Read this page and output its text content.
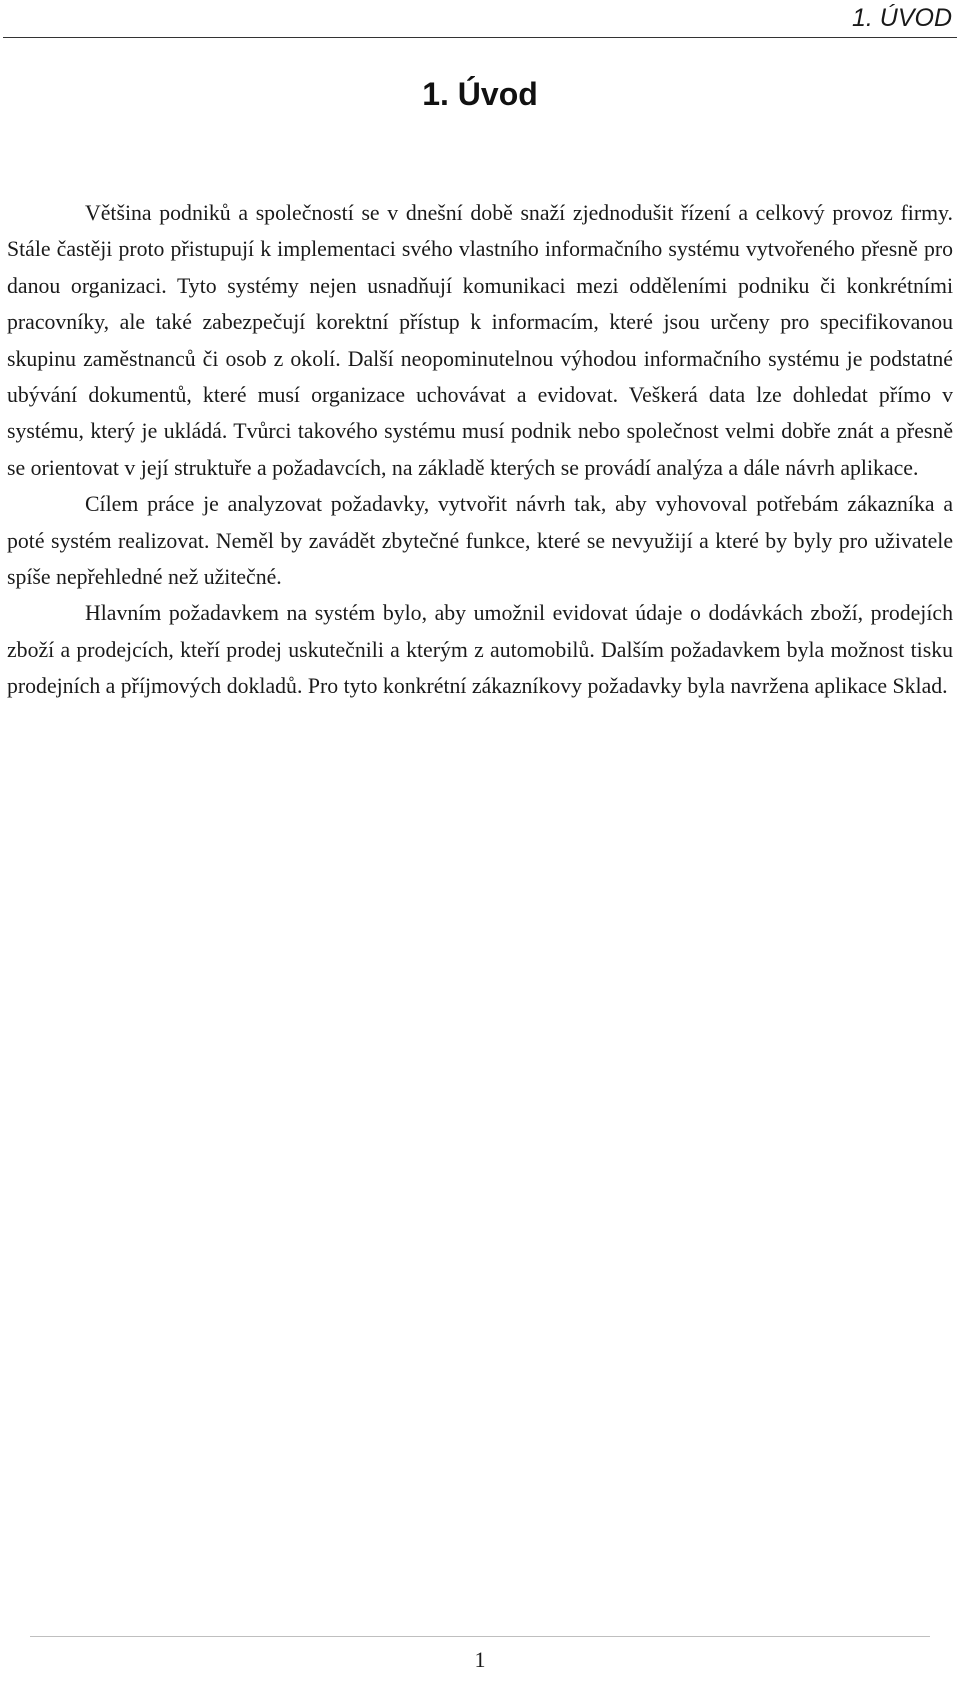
1. ÚVOD
1. Úvod

Většina podniků a společností se v dnešní době snaží zjednodušit řízení a celkový provoz firmy. Stále častěji proto přistupují k implementaci svého vlastního informačního systému vytvořeného přesně pro danou organizaci. Tyto systémy nejen usnadňují komunikaci mezi odděleními podniku či konkrétními pracovníky, ale také zabezpečují korektní přístup k informacím, které jsou určeny pro specifikovanou skupinu zaměstnanců či osob z okolí. Další neopominutelnou výhodou informačního systému je podstatné ubývání dokumentů, které musí organizace uchovávat a evidovat. Veškerá data lze dohledat přímo v systému, který je ukládá. Tvůrci takového systému musí podnik nebo společnost velmi dobře znát a přesně se orientovat v její struktuře a požadavcích, na základě kterých se provádí analýza a dále návrh aplikace.

Cílem práce je analyzovat požadavky, vytvořit návrh tak, aby vyhovoval potřebám zákazníka a poté systém realizovat. Neměl by zavádět zbytečné funkce, které se nevyužijí a které by byly pro uživatele spíše nepřehledné než užitečné.

Hlavním požadavkem na systém bylo, aby umožnil evidovat údaje o dodávkách zboží, prodejích zboží a prodejcích, kteří prodej uskutečnili a kterým z automobilů. Dalším požadavkem byla možnost tisku prodejních a příjmových dokladů. Pro tyto konkrétní zákazníkovy požadavky byla navržena aplikace Sklad.

1
